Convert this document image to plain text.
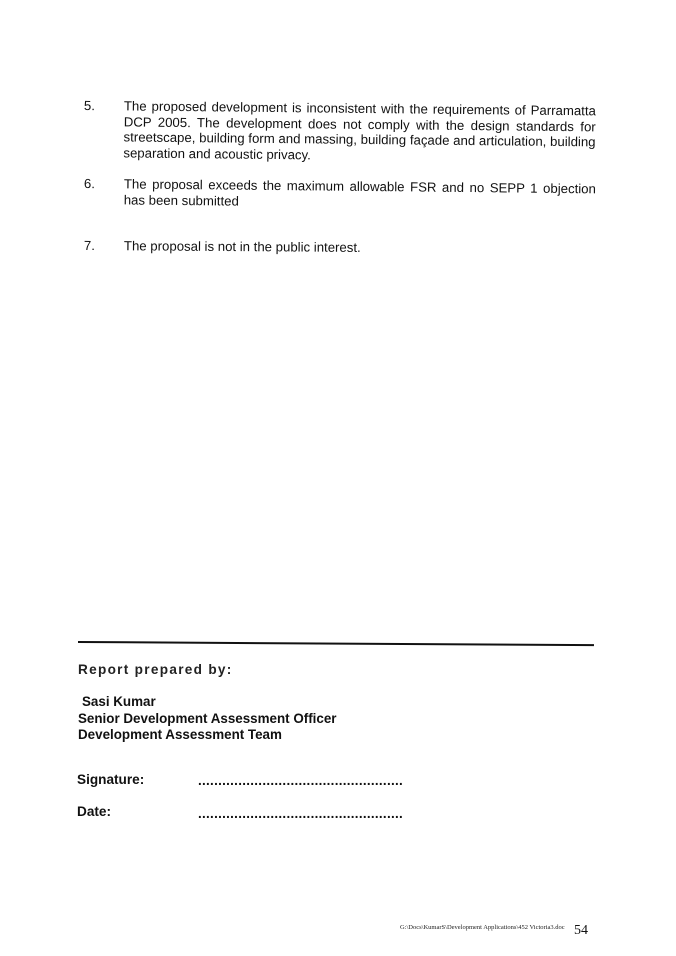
5. The proposed development is inconsistent with the requirements of Parramatta DCP 2005. The development does not comply with the design standards for streetscape, building form and massing, building façade and articulation, building separation and acoustic privacy.
6. The proposal exceeds the maximum allowable FSR and no SEPP 1 objection has been submitted
7. The proposal is not in the public interest.
Report prepared by:
Sasi Kumar
Senior Development Assessment Officer
Development Assessment Team
Signature:	...................................................
Date:	...................................................
G:\Docs\KumarS\Development Applications\452 Victoria3.doc 54
